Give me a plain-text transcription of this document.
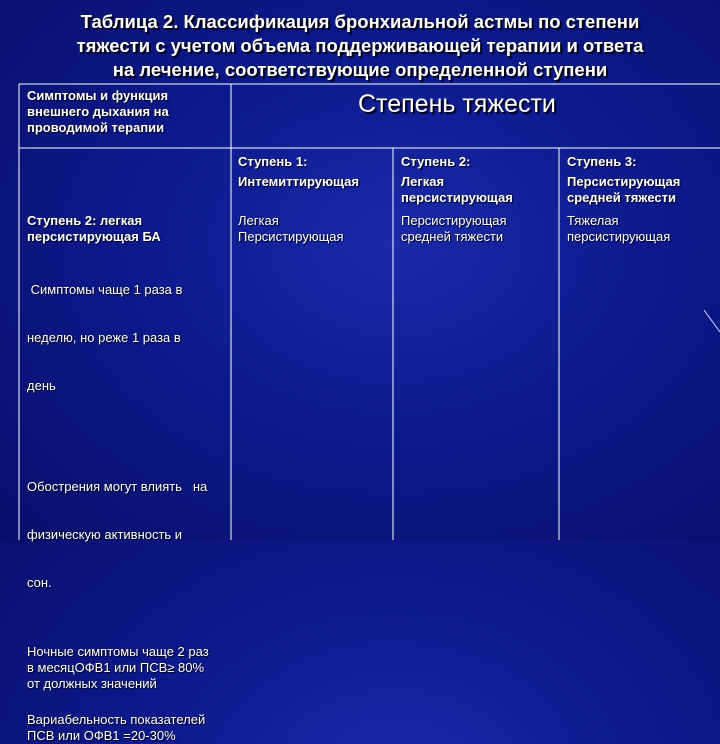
Таблица 2. Классификация бронхиальной астмы по степени
тяжести с учетом объема поддерживающей терапии и ответа
на лечение, соответствующие определенной ступени
Симптомы и функция
внешнего дыхания на
проводимой терапии
Степень тяжести
Ступень 1:
Интемиттирующая
Ступень 2:
Легкая
персистирующая
Ступень 3:
Персистирующая
средней тяжести
Ступень 2: легкая
персистирующая БА

Симптомы чаще 1 раза в

неделю, но реже 1 раза в

день

Обострения могут влиять   на

физическую активность и

сон.

Ночные симптомы чаще 2 раз
в месяцОФВ1 или ПСВ≥ 80%
от должных значений
Вариабельность показателей
ПСВ или ОФВ1 =20-30%
Легкая
Персистирующая
Персистирующая
средней тяжести
Тяжелая
персистирующая
